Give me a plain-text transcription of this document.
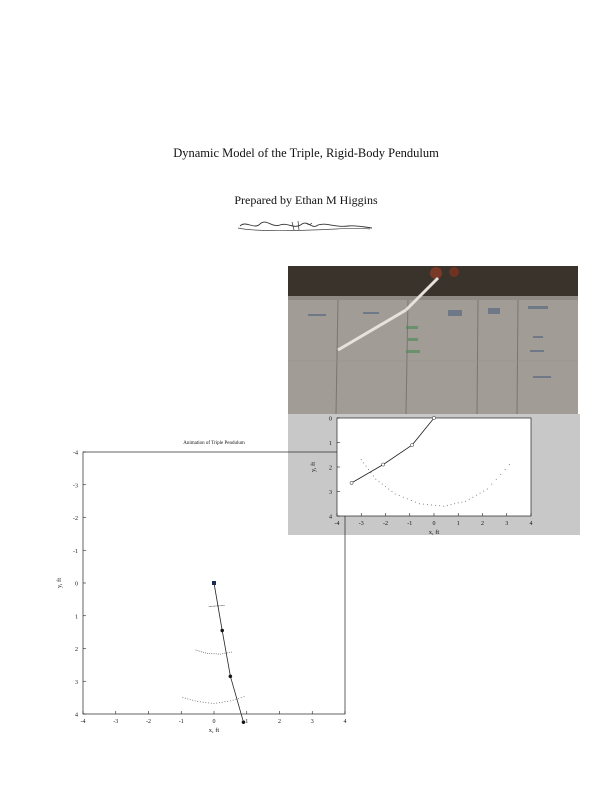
Dynamic Model of the Triple, Rigid-Body Pendulum
Prepared by Ethan M Higgins
-4	-3	-2	-1	0	1	2	3	4
-4
-3
-2
-1
0
1
2
3
4
x, ft
y, ft
Animation of Triple Pendulum
-4	-3	-2	-1	0	1	2	3	4
0
1
2
3
4
x, ft
y, ft
